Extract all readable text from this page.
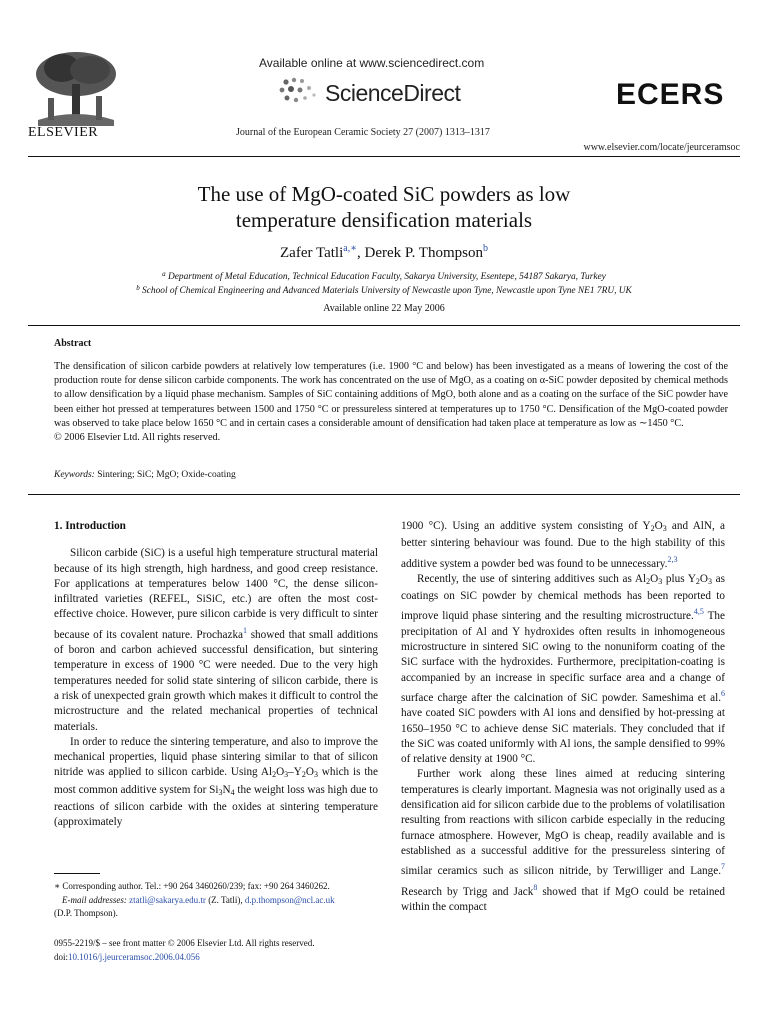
ELSEVIER
Available online at www.sciencedirect.com
ScienceDirect
Journal of the European Ceramic Society 27 (2007) 1313–1317
ECERS
www.elsevier.com/locate/jeurceramsoc
The use of MgO-coated SiC powders as low
temperature densification materials
Zafer Tatli$^{a,∗}$, Derek P. Thompson$^b$
$^a$ Department of Metal Education, Technical Education Faculty, Sakarya University, Esentepe, 54187 Sakarya, Turkey
$^b$ School of Chemical Engineering and Advanced Materials University of Newcastle upon Tyne, Newcastle upon Tyne NE1 7RU, UK
Available online 22 May 2006
Abstract
The densification of silicon carbide powders at relatively low temperatures (i.e. 1900 °C and below) has been investigated as a means of lowering the cost of the production route for dense silicon carbide components. The work has concentrated on the use of MgO, as a coating on α-SiC powder deposited by chemical methods to allow densification by a liquid phase mechanism. Samples of SiC containing additions of MgO, both alone and as a coating on the surface of the SiC powder have been either hot pressed at temperatures between 1500 and 1750 °C or pressureless sintered at temperatures up to 1750 °C. Densification of the MgO-coated powder was observed to take place below 1650 °C and in certain cases a considerable amount of densification had taken place at temperature as low as ∼1450 °C.
© 2006 Elsevier Ltd. All rights reserved.
Keywords: Sintering; SiC; MgO; Oxide-coating

1. Introduction

Silicon carbide (SiC) is a useful high temperature structural material because of its high strength, high hardness, and good creep resistance. For applications at temperatures below 1400 °C, the dense silicon-infiltrated varieties (REFEL, SiSiC, etc.) are often the most cost-effective choice. However, pure silicon carbide is very difficult to sinter because of its covalent nature. Prochazka$^1$ showed that small additions of boron and carbon achieved successful densification, but sintering temperature in excess of 1900 °C were needed. Due to the very high temperatures needed for solid state sintering of silicon carbide, there is a risk of unexpected grain growth which makes it difficult to control the microstructure and the related mechanical properties of technical materials.

In order to reduce the sintering temperature, and also to improve the mechanical properties, liquid phase sintering similar to that of silicon nitride was applied to silicon carbide. Using $Al_2O_3-Y_2O_3$ which is the most common additive system for $Si_3N_4$ the weight loss was high due to reactions of silicon carbide with the oxides at sintering temperature (approximately

∗ Corresponding author. Tel.: +90 264 3460260/239; fax: +90 264 3460262.
E-mail addresses: ztatli@sakarya.edu.tr (Z. Tatli), d.p.thompson@ncl.ac.uk
(D.P. Thompson).
0955-2219/$ – see front matter © 2006 Elsevier Ltd. All rights reserved.
doi:10.1016/j.jeurceramsoc.2006.04.056

1900 °C). Using an additive system consisting of $Y_2O_3$ and AlN, a better sintering behaviour was found. Due to the high stability of this additive system a powder bed was found to be unnecessary.$^{2,3}$

Recently, the use of sintering additives such as $Al_2O_3$ plus $Y_2O_3$ as coatings on SiC powder by chemical methods has been reported to improve liquid phase sintering and the resulting microstructure.$^{4,5}$ The precipitation of Al and Y hydroxides often results in inhomogeneous microstructure in sintered SiC owing to the nonuniform coating of the SiC surface with the hydroxides. Furthermore, precipitation-coating is accompanied by an increase in specific surface area and a change of surface charge after the calcination of SiC powder. Sameshima et al.$^6$ have coated SiC powders with Al ions and densified by hot-pressing at 1650–1950 °C to achieve dense SiC materials. They concluded that if the SiC was coated uniformly with Al ions, the sample densified to 99% of relative density at 1900 °C.

Further work along these lines aimed at reducing sintering temperatures is clearly important. Magnesia was not originally used as a densification aid for silicon carbide due to the problems of volatilisation resulting from reactions with silicon carbide especially in the reducing furnace atmosphere. However, MgO is cheap, readily available and is established as a successful additive for the pressureless sintering of similar ceramics such as silicon nitride, by Terwilliger and Lange.$^7$ Research by Trigg and Jack$^8$ showed that if MgO could be retained within the compact
